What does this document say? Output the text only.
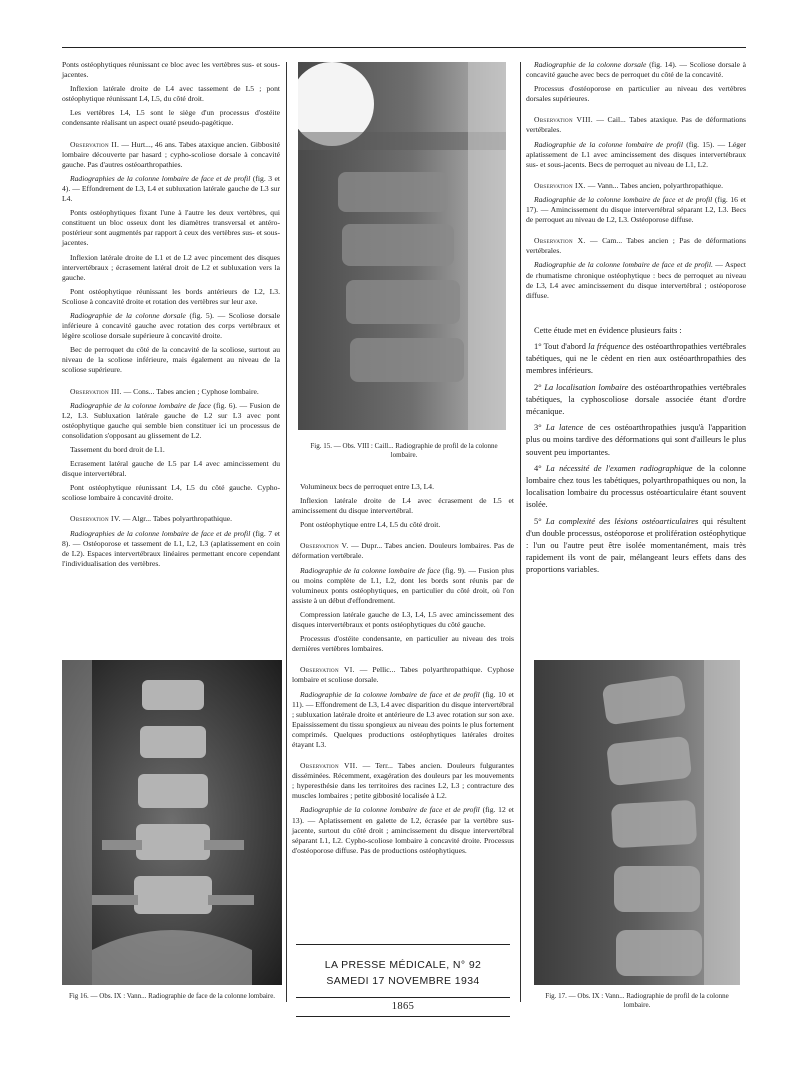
Ponts ostéophytiques réunissant ce bloc avec les vertèbres sus- et sous-jacentes.

Inflexion latérale droite de L4 avec tassement de L5 ; pont ostéophytique réunissant L4, L5, du côté droit.

Les vertèbres L4, L5 sont le siège d'un processus d'ostéite condensante réalisant un aspect ouaté pseudo-pagétique.

Observation II. — Hurt..., 46 ans. Tabes ataxique ancien. Gibbosité lombaire découverte par hasard ; cypho-scoliose dorsale à concavité gauche. Pas d'autres ostéoarthropathies.

Radiographies de la colonne lombaire de face et de profil (fig. 3 et 4). — Effondrement de L3, L4 et subluxation latérale gauche de L3 sur L4.

Ponts ostéophytiques fixant l'une à l'autre les deux vertèbres, qui constituent un bloc osseux dont les diamètres transversal et antéro-postérieur sont augmentés par rapport à ceux des vertèbres sus- et sous-jacentes.

Inflexion latérale droite de L1 et de L2 avec pincement des disques intervertébraux ; écrasement latéral droit de L2 et subluxation vers la gauche.

Pont ostéophytique réunissant les bords antérieurs de L2, L3. Scoliose à concavité droite et rotation des vertèbres sur leur axe.

Radiographie de la colonne dorsale (fig. 5). — Scoliose dorsale inférieure à concavité gauche avec rotation des corps vertébraux et légère scoliose dorsale supérieure à concavité droite.

Bec de perroquet du côté de la concavité de la scoliose, surtout au niveau de la scoliose inférieure, mais également au niveau de la scoliose supérieure.

Observation III. — Cons... Tabes ancien ; Cyphose lombaire.

Radiographie de la colonne lombaire de face (fig. 6). — Fusion de L2, L3. Subluxation latérale gauche de L2 sur L3 avec pont ostéophytique gauche qui semble bien constituer ici un processus de consolidation s'opposant au glissement de L2.

Tassement du bord droit de L1.

Ecrasement latéral gauche de L5 par L4 avec amincissement du disque intervertébral.

Pont ostéophytique réunissant L4, L5 du côté gauche. Cypho-scoliose lombaire à concavité droite.

Observation IV. — Algr... Tabes polyarthropathique.

Radiographies de la colonne lombaire de face et de profil (fig. 7 et 8). — Ostéoporose et tassement de L1, L2, L3 (aplatissement en coin de L2). Espaces intervertébraux linéaires permettant encore cependant l'individualisation des vertèbres.

Fig. 15. — Obs. VIII : Caill... Radiographie de profil de la colonne lombaire.

Volumineux becs de perroquet entre L3, L4.

Inflexion latérale droite de L4 avec écrasement de L5 et amincissement du disque intervertébral.

Pont ostéophytique entre L4, L5 du côté droit.

Observation V. — Dupr... Tabes ancien. Douleurs lombaires. Pas de déformation vertébrale.

Radiographie de la colonne lombaire de face (fig. 9). — Fusion plus ou moins complète de L1, L2, dont les bords sont réunis par de volumineux ponts ostéophytiques, en particulier du côté droit, où l'on assiste à un début d'effondrement.

Compression latérale gauche de L3, L4, L5 avec amincissement des disques intervertébraux et ponts ostéophytiques du côté gauche.

Processus d'ostéite condensante, en particulier au niveau des trois dernières vertèbres lombaires.

Observation VI. — Pellic... Tabes polyarthropathique. Cyphose lombaire et scoliose dorsale.

Radiographie de la colonne lombaire de face et de profil (fig. 10 et 11). — Effondrement de L3, L4 avec disparition du disque intervertébral ; subluxation latérale droite et antérieure de L3 avec rotation sur son axe. Epaississement du tissu spongieux au niveau des points le plus fortement comprimés. Quelques productions ostéophytiques latérales droites étayant L3.

Observation VII. — Terr... Tabes ancien. Douleurs fulgurantes disséminées. Récemment, exagération des douleurs par les mouvements ; hyperesthésie dans les territoires des racines L2, L3 ; contracture des muscles lombaires ; petite gibbosité localisée à L2.

Radiographie de la colonne lombaire de face et de profil (fig. 12 et 13). — Aplatissement en galette de L2, écrasée par la vertèbre sus-jacente, surtout du côté droit ; amincissement du disque intervertébral séparant L1, L2. Cypho-scoliose lombaire à concavité droite. Processus d'ostéoporose diffuse. Pas de productions ostéophytiques.

LA PRESSE MÉDICALE, N° 92
SAMEDI 17 NOVEMBRE 1934
1865

Radiographie de la colonne dorsale (fig. 14). — Scoliose dorsale à concavité gauche avec becs de perroquet du côté de la concavité.

Processus d'ostéoporose en particulier au niveau des vertèbres dorsales supérieures.

Observation VIII. — Cail... Tabes ataxique. Pas de déformations vertébrales.

Radiographie de la colonne lombaire de profil (fig. 15). — Léger aplatissement de L1 avec amincissement des disques intervertébraux sus- et sous-jacents. Becs de perroquet au niveau de L1, L2.

Observation IX. — Vann... Tabes ancien, polyarthropathique.

Radiographie de la colonne lombaire de face et de profil (fig. 16 et 17). — Amincissement du disque intervertébral séparant L2, L3. Becs de perroquet au niveau de L2, L3. Ostéoporose diffuse.

Observation X. — Cam... Tabes ancien ; Pas de déformations vertébrales.

Radiographie de la colonne lombaire de face et de profil. — Aspect de rhumatisme chronique ostéophytique : becs de perroquet au niveau de L3, L4 avec amincissement du disque intervertébral ; ostéoporose diffuse.

Cette étude met en évidence plusieurs faits :

1° Tout d'abord la fréquence des ostéoarthropathies vertébrales tabétiques, qui ne le cèdent en rien aux ostéoarthropathies des membres inférieurs.

2° La localisation lombaire des ostéoarthropathies vertébrales tabétiques, la cyphoscoliose dorsale associée étant d'ordre mécanique.

3° La latence de ces ostéoarthropathies jusqu'à l'apparition plus ou moins tardive des déformations qui sont d'ailleurs le plus souvent peu importantes.

4° La nécessité de l'examen radiographique de la colonne lombaire chez tous les tabétiques, polyarthropathiques ou non, la localisation lombaire du processus ostéoarticulaire étant souvent isolée.

5° La complexité des lésions ostéoarticulaires qui résultent d'un double processus, ostéoporose et prolifération ostéophytique : l'un ou l'autre peut être isolée momentanément, mais très rapidement ils vont de pair, mélangeant leurs effets dans des proportions variables.

Fig 16. — Obs. IX : Vann... Radiographie de face de la colonne lombaire.	Fig. 17. — Obs. IX : Vann... Radiographie de profil de la colonne lombaire.
